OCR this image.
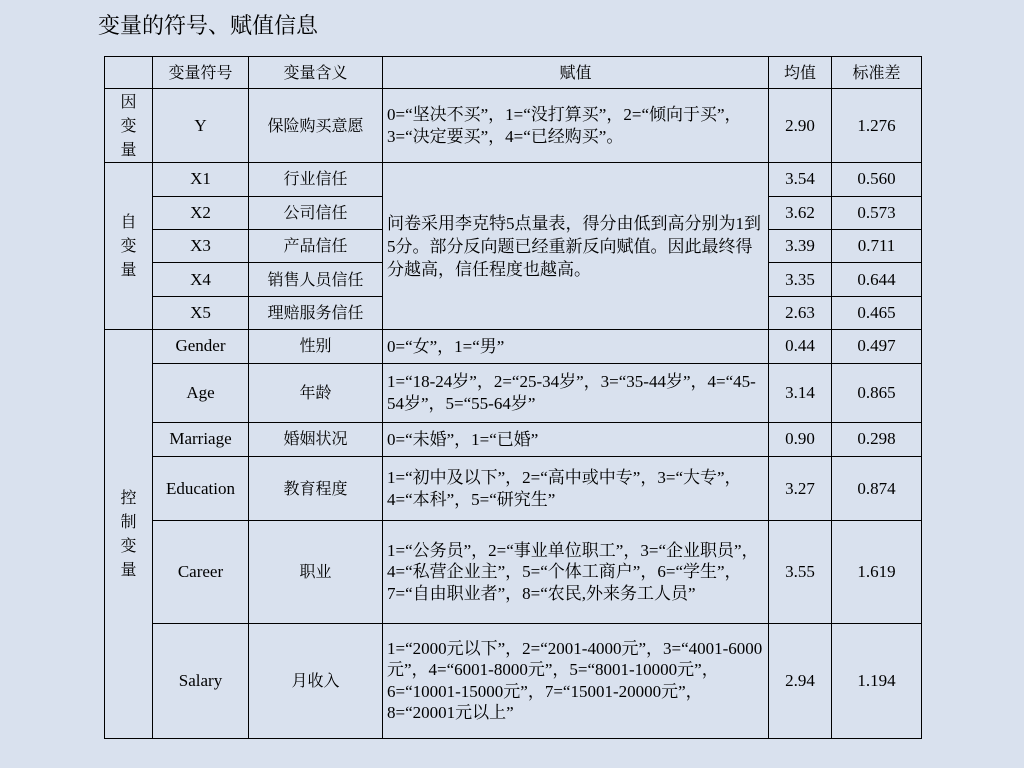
变量的符号、赋值信息
	变量符号	变量含义	赋值	均值	标准差
因变量	Y	保险购买意愿	0=“坚决不买”，1=“没打算买”，2=“倾向于买”，3=“决定要买”，4=“已经购买”。	2.90	1.276
自变量	X1	行业信任	问卷采用李克特5点量表，得分由低到高分别为1到5分。部分反向题已经重新反向赋值。因此最终得分越高，信任程度也越高。	3.54	0.560
	X2	公司信任		3.62	0.573
	X3	产品信任		3.39	0.711
	X4	销售人员信任		3.35	0.644
	X5	理赔服务信任		2.63	0.465
控制变量	Gender	性别	0=“女”，1=“男”	0.44	0.497
	Age	年龄	1=“18-24岁”，2=“25-34岁”，3=“35-44岁”，4=“45-54岁”，5=“55-64岁”	3.14	0.865
	Marriage	婚姻状况	0=“未婚”，1=“已婚”	0.90	0.298
	Education	教育程度	1=“初中及以下”，2=“高中或中专”，3=“大专”，4=“本科”，5=“研究生”	3.27	0.874
	Career	职业	1=“公务员”，2=“事业单位职工”，3=“企业职员”，4=“私营企业主”，5=“个体工商户”，6=“学生”，7=“自由职业者”，8=“农民,外来务工人员”	3.55	1.619
	Salary	月收入	1=“2000元以下”，2=“2001-4000元”，3=“4001-6000元”，4=“6001-8000元”，5=“8001-10000元”，6=“10001-15000元”，7=“15001-20000元”，8=“20001元以上”	2.94	1.194
